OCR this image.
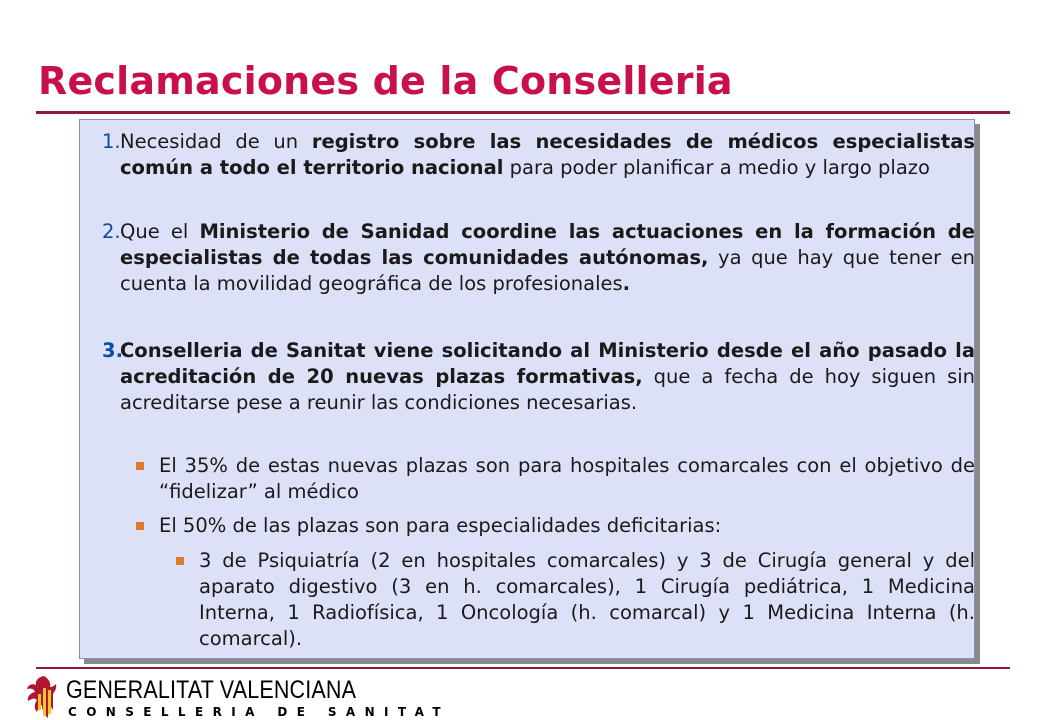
Reclamaciones de la Conselleria
1. Necesidad de un registro sobre las necesidades de médicos especialistas común a todo el territorio nacional para poder planificar a medio y largo plazo
2. Que el Ministerio de Sanidad coordine las actuaciones en la formación de especialistas de todas las comunidades autónomas, ya que hay que tener en cuenta la movilidad geográfica de los profesionales.
3.
Conselleria de Sanitat viene solicitando al Ministerio desde el año pasado la acreditación de 20 nuevas plazas formativas, que a fecha de hoy siguen sin acreditarse pese a reunir las condiciones necesarias.
El 35% de estas nuevas plazas son para hospitales comarcales con el objetivo de “fidelizar” al médico
El 50% de las plazas son para especialidades deficitarias:
3 de Psiquiatría (2 en hospitales comarcales) y 3 de Cirugía general y del aparato digestivo (3 en h. comarcales), 1 Cirugía pediátrica, 1 Medicina Interna, 1 Radiofísica, 1 Oncología (h. comarcal) y 1 Medicina Interna (h. comarcal).
GENERALITAT VALENCIANA
CONSELLERIA DE SANITAT
